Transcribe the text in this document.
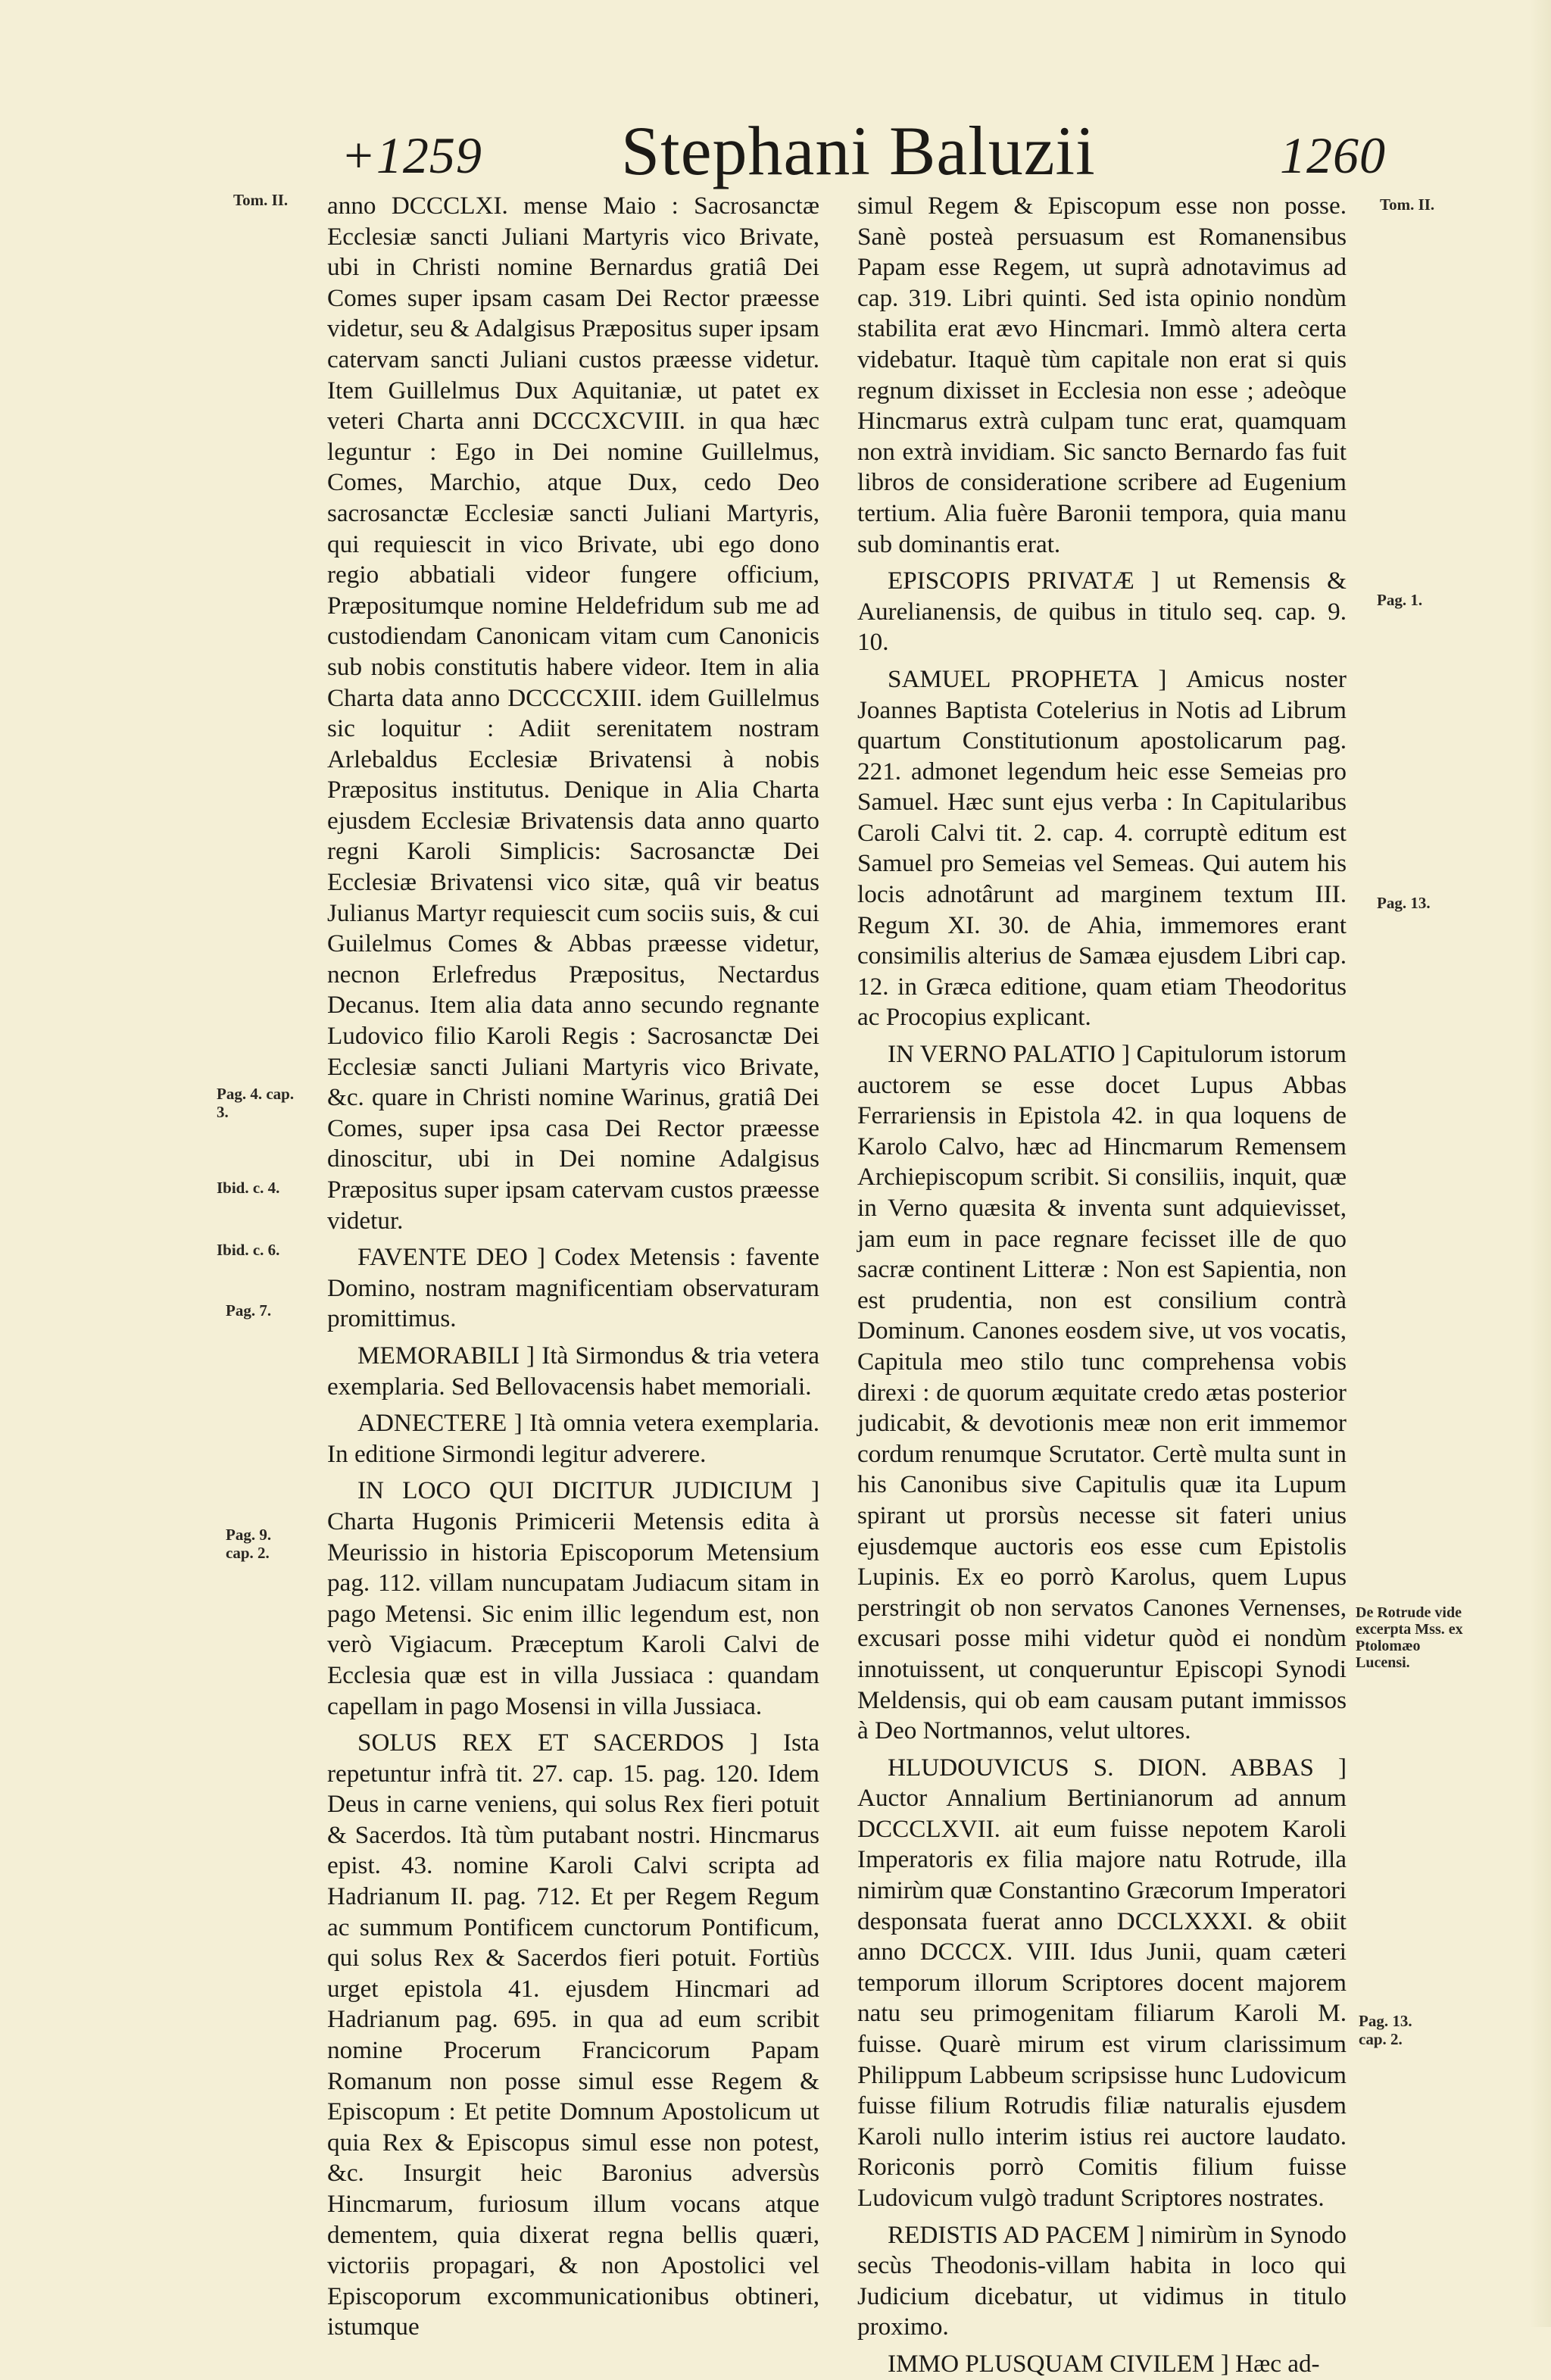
+1259 Stephani Baluzii	1260
Tom. II.
Pag. 4. cap. 3.
Ibid. c. 4.
Ibid. c. 6.
Pag. 7.
Pag. 9. cap. 2.
Tom. II.
Pag. 1.
Pag. 13.
De Rotrude vide excerpta Mss. ex Ptolomæo Lucensi.
Pag. 13. cap. 2.

anno DCCCLXI. mense Maio : Sacrosanctæ Ecclesiæ sancti Juliani Martyris vico Brivate, ubi in Christi nomine Bernardus gratiâ Dei Comes super ipsam casam Dei Rector præesse videtur, seu & Adalgisus Præpositus super ipsam catervam sancti Juliani custos præesse videtur. Item Guillelmus Dux Aquitaniæ, ut patet ex veteri Charta anni DCCCXCVIII. in qua hæc leguntur : Ego in Dei nomine Guillelmus, Comes, Marchio, atque Dux, cedo Deo sacrosanctæ Ecclesiæ sancti Juliani Martyris, qui requiescit in vico Brivate, ubi ego dono regio abbatiali videor fungere officium, Præpositumque nomine Heldefridum sub me ad custodiendam Canonicam vitam cum Canonicis sub nobis constitutis habere videor. Item in alia Charta data anno DCCCCXIII. idem Guillelmus sic loquitur : Adiit serenitatem nostram Arlebaldus Ecclesiæ Brivatensi à nobis Præpositus institutus. Denique in Alia Charta ejusdem Ecclesiæ Brivatensis data anno quarto regni Karoli Simplicis: Sacrosanctæ Dei Ecclesiæ Brivatensi vico sitæ, quâ vir beatus Julianus Martyr requiescit cum sociis suis, & cui Guilelmus Comes & Abbas præesse videtur, necnon Erlefredus Præpositus, Nectardus Decanus. Item alia data anno secundo regnante Ludovico filio Karoli Regis : Sacrosanctæ Dei Ecclesiæ sancti Juliani Martyris vico Brivate, &c. quare in Christi nomine Warinus, gratiâ Dei Comes, super ipsa casa Dei Rector præesse dinoscitur, ubi in Dei nomine Adalgisus Præpositus super ipsam catervam custos præesse videtur.

FAVENTE DEO ] Codex Metensis : favente Domino, nostram magnificentiam observaturam promittimus.

MEMORABILI ] Ità Sirmondus & tria vetera exemplaria. Sed Bellovacensis habet memoriali.

ADNECTERE ] Ità omnia vetera exemplaria. In editione Sirmondi legitur adverere.

IN LOCO QUI DICITUR JUDICIUM ] Charta Hugonis Primicerii Metensis edita à Meurissio in historia Episcoporum Metensium pag. 112. villam nuncupatam Judiacum sitam in pago Metensi. Sic enim illic legendum est, non verò Vigiacum. Præceptum Karoli Calvi de Ecclesia quæ est in villa Jussiaca : quandam capellam in pago Mosensi in villa Jussiaca.

SOLUS REX ET SACERDOS ] Ista repetuntur infrà tit. 27. cap. 15. pag. 120. Idem Deus in carne veniens, qui solus Rex fieri potuit & Sacerdos. Ità tùm putabant nostri. Hincmarus epist. 43. nomine Karoli Calvi scripta ad Hadrianum II. pag. 712. Et per Regem Regum ac summum Pontificem cunctorum Pontificum, qui solus Rex & Sacerdos fieri potuit. Fortiùs urget epistola 41. ejusdem Hincmari ad Hadrianum pag. 695. in qua ad eum scribit nomine Procerum Francicorum Papam Romanum non posse simul esse Regem & Episcopum : Et petite Domnum Apostolicum ut quia Rex & Episcopus simul esse non potest, &c. Insurgit heic Baronius adversùs Hincmarum, furiosum illum vocans atque dementem, quia dixerat regna bellis quæri, victoriis propagari, & non Apostolici vel Episcoporum excommunicationibus obtineri, istumque

simul Regem & Episcopum esse non posse. Sanè posteà persuasum est Romanensibus Papam esse Regem, ut suprà adnotavimus ad cap. 319. Libri quinti. Sed ista opinio nondùm stabilita erat ævo Hincmari. Immò altera certa videbatur. Itaquè tùm capitale non erat si quis regnum dixisset in Ecclesia non esse ; adeòque Hincmarus extrà culpam tunc erat, quamquam non extrà invidiam. Sic sancto Bernardo fas fuit libros de consideratione scribere ad Eugenium tertium. Alia fuère Baronii tempora, quia manu sub dominantis erat.

EPISCOPIS PRIVATÆ ] ut Remensis & Aurelianensis, de quibus in titulo seq. cap. 9. 10.

SAMUEL PROPHETA ] Amicus noster Joannes Baptista Cotelerius in Notis ad Librum quartum Constitutionum apostolicarum pag. 221. admonet legendum heic esse Semeias pro Samuel. Hæc sunt ejus verba : In Capitularibus Caroli Calvi tit. 2. cap. 4. corruptè editum est Samuel pro Semeias vel Semeas. Qui autem his locis adnotârunt ad marginem textum III. Regum XI. 30. de Ahia, immemores erant consimilis alterius de Samæa ejusdem Libri cap. 12. in Græca editione, quam etiam Theodoritus ac Procopius explicant.

IN VERNO PALATIO ] Capitulorum istorum auctorem se esse docet Lupus Abbas Ferrariensis in Epistola 42. in qua loquens de Karolo Calvo, hæc ad Hincmarum Remensem Archiepiscopum scribit. Si consiliis, inquit, quæ in Verno quæsita & inventa sunt adquievisset, jam eum in pace regnare fecisset ille de quo sacræ continent Litteræ : Non est Sapientia, non est prudentia, non est consilium contrà Dominum. Canones eosdem sive, ut vos vocatis, Capitula meo stilo tunc comprehensa vobis direxi : de quorum æquitate credo ætas posterior judicabit, & devotionis meæ non erit immemor cordum renumque Scrutator. Certè multa sunt in his Canonibus sive Capitulis quæ ita Lupum spirant ut prorsùs necesse sit fateri unius ejusdemque auctoris eos esse cum Epistolis Lupinis. Ex eo porrò Karolus, quem Lupus perstringit ob non servatos Canones Vernenses, excusari posse mihi videtur quòd ei nondùm innotuissent, ut conqueruntur Episcopi Synodi Meldensis, qui ob eam causam putant immissos à Deo Nortmannos, velut ultores.

HLUDOUVICUS S. DION. ABBAS ] Auctor Annalium Bertinianorum ad annum DCCCLXVII. ait eum fuisse nepotem Karoli Imperatoris ex filia majore natu Rotrude, illa nimirùm quæ Constantino Græcorum Imperatori desponsata fuerat anno DCCLXXXI. & obiit anno DCCCX. VIII. Idus Junii, quam cæteri temporum illorum Scriptores docent majorem natu seu primogenitam filiarum Karoli M. fuisse. Quarè mirum est virum clarissimum Philippum Labbeum scripsisse hunc Ludovicum fuisse filium Rotrudis filiæ naturalis ejusdem Karoli nullo interim istius rei auctore laudato. Roriconis porrò Comitis filium fuisse Ludovicum vulgò tradunt Scriptores nostrates.

REDISTIS AD PACEM ] nimirùm in Synodo secùs Theodonis-villam habita in loco qui Judicium dicebatur, ut vidimus in titulo proximo.

IMMO PLUSQUAM CIVILEM ] Hæc ad-
